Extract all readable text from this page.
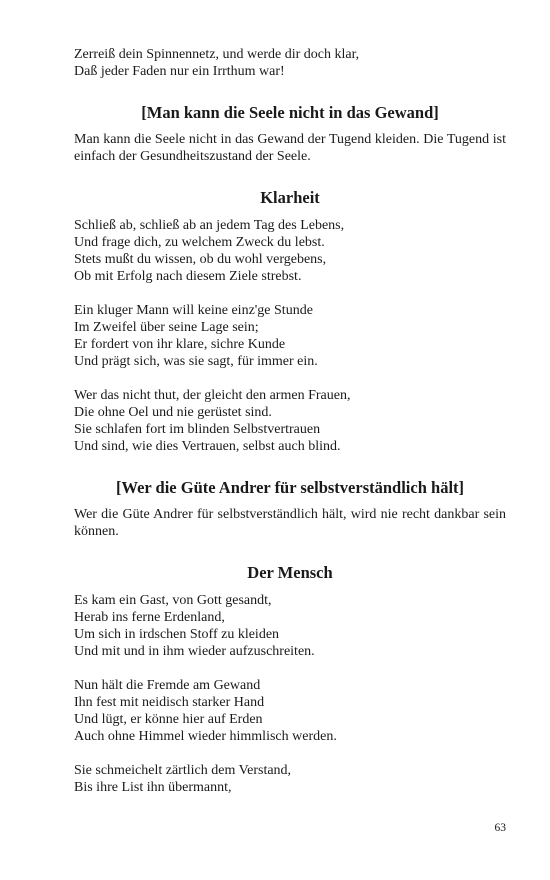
Zerreiß dein Spinnennetz, und werde dir doch klar,
Daß jeder Faden nur ein Irrthum war!
[Man kann die Seele nicht in das Gewand]

Man kann die Seele nicht in das Gewand der Tugend kleiden. Die Tugend ist einfach der Gesundheitszustand der Seele.

Klarheit
Schließ ab, schließ ab an jedem Tag des Lebens,
Und frage dich, zu welchem Zweck du lebst.
Stets mußt du wissen, ob du wohl vergebens,
Ob mit Erfolg nach diesem Ziele strebst.
Ein kluger Mann will keine einz'ge Stunde
Im Zweifel über seine Lage sein;
Er fordert von ihr klare, sichre Kunde
Und prägt sich, was sie sagt, für immer ein.
Wer das nicht thut, der gleicht den armen Frauen,
Die ohne Oel und nie gerüstet sind.
Sie schlafen fort im blinden Selbstvertrauen
Und sind, wie dies Vertrauen, selbst auch blind.
[Wer die Güte Andrer für selbstverständlich hält]

Wer die Güte Andrer für selbstverständlich hält, wird nie recht dankbar sein können.

Der Mensch
Es kam ein Gast, von Gott gesandt,
Herab ins ferne Erdenland,
Um sich in irdschen Stoff zu kleiden
Und mit und in ihm wieder aufzuschreiten.
Nun hält die Fremde am Gewand
Ihn fest mit neidisch starker Hand
Und lügt, er könne hier auf Erden
Auch ohne Himmel wieder himmlisch werden.
Sie schmeichelt zärtlich dem Verstand,
Bis ihre List ihn übermannt,
63
